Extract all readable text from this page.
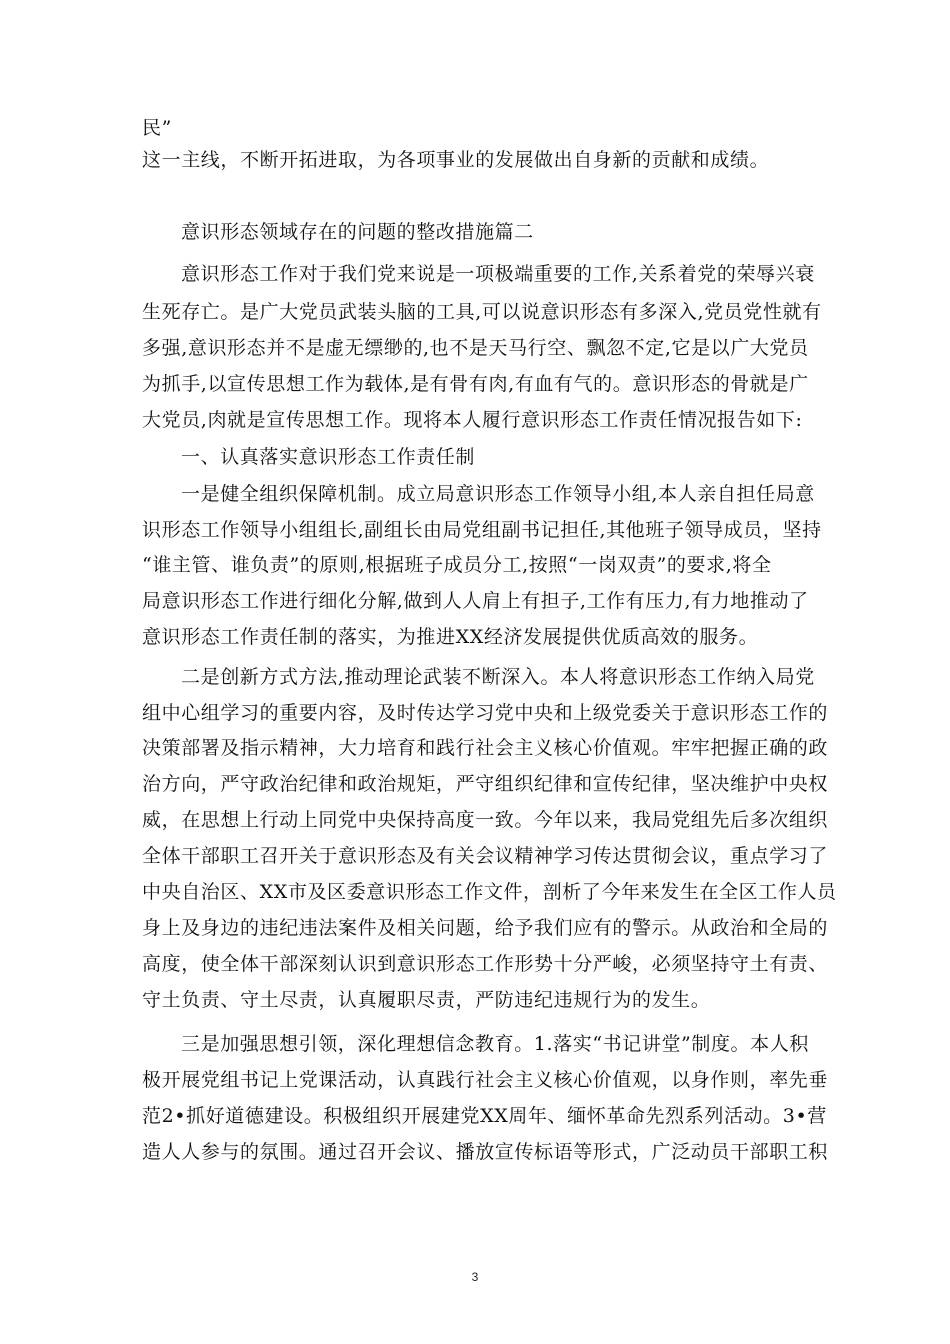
民”
这一主线，不断开拓进取，为各项事业的发展做出自身新的贡献和成绩。
意识形态领域存在的问题的整改措施篇二
意识形态工作对于我们党来说是一项极端重要的工作,关系着党的荣辱兴衰
生死存亡。是广大党员武装头脑的工具,可以说意识形态有多深入,党员党性就有
多强,意识形态并不是虚无缥缈的,也不是天马行空、飘忽不定,它是以广大党员
为抓手,以宣传思想工作为载体,是有骨有肉,有血有气的。意识形态的骨就是广
大党员,肉就是宣传思想工作。现将本人履行意识形态工作责任情况报告如下:
一、认真落实意识形态工作责任制
一是健全组织保障机制。成立局意识形态工作领导小组,本人亲自担任局意
识形态工作领导小组组长,副组长由局党组副书记担任,其他班子领导成员，坚持
“谁主管、谁负责”的原则,根据班子成员分工,按照“一岗双责”的要求,将全
局意识形态工作进行细化分解,做到人人肩上有担子,工作有压力,有力地推动了
意识形态工作责任制的落实，为推进XX经济发展提供优质高效的服务。
二是创新方式方法,推动理论武装不断深入。本人将意识形态工作纳入局党
组中心组学习的重要内容，及时传达学习党中央和上级党委关于意识形态工作的
决策部署及指示精神，大力培育和践行社会主义核心价值观。牢牢把握正确的政
治方向，严守政治纪律和政治规矩，严守组织纪律和宣传纪律，坚决维护中央权
威，在思想上行动上同党中央保持高度一致。今年以来，我局党组先后多次组织
全体干部职工召开关于意识形态及有关会议精神学习传达贯彻会议，重点学习了
中央自治区、XX市及区委意识形态工作文件，剖析了今年来发生在全区工作人员
身上及身边的违纪违法案件及相关问题，给予我们应有的警示。从政治和全局的
高度，使全体干部深刻认识到意识形态工作形势十分严峻，必须坚持守土有责、
守土负责、守土尽责，认真履职尽责，严防违纪违规行为的发生。
三是加强思想引领，深化理想信念教育。1.落实“书记讲堂”制度。本人积
极开展党组书记上党课活动，认真践行社会主义核心价值观，以身作则，率先垂
范2•抓好道德建设。积极组织开展建党XX周年、缅怀革命先烈系列活动。3•营
造人人参与的氛围。通过召开会议、播放宣传标语等形式，广泛动员干部职工积
3
